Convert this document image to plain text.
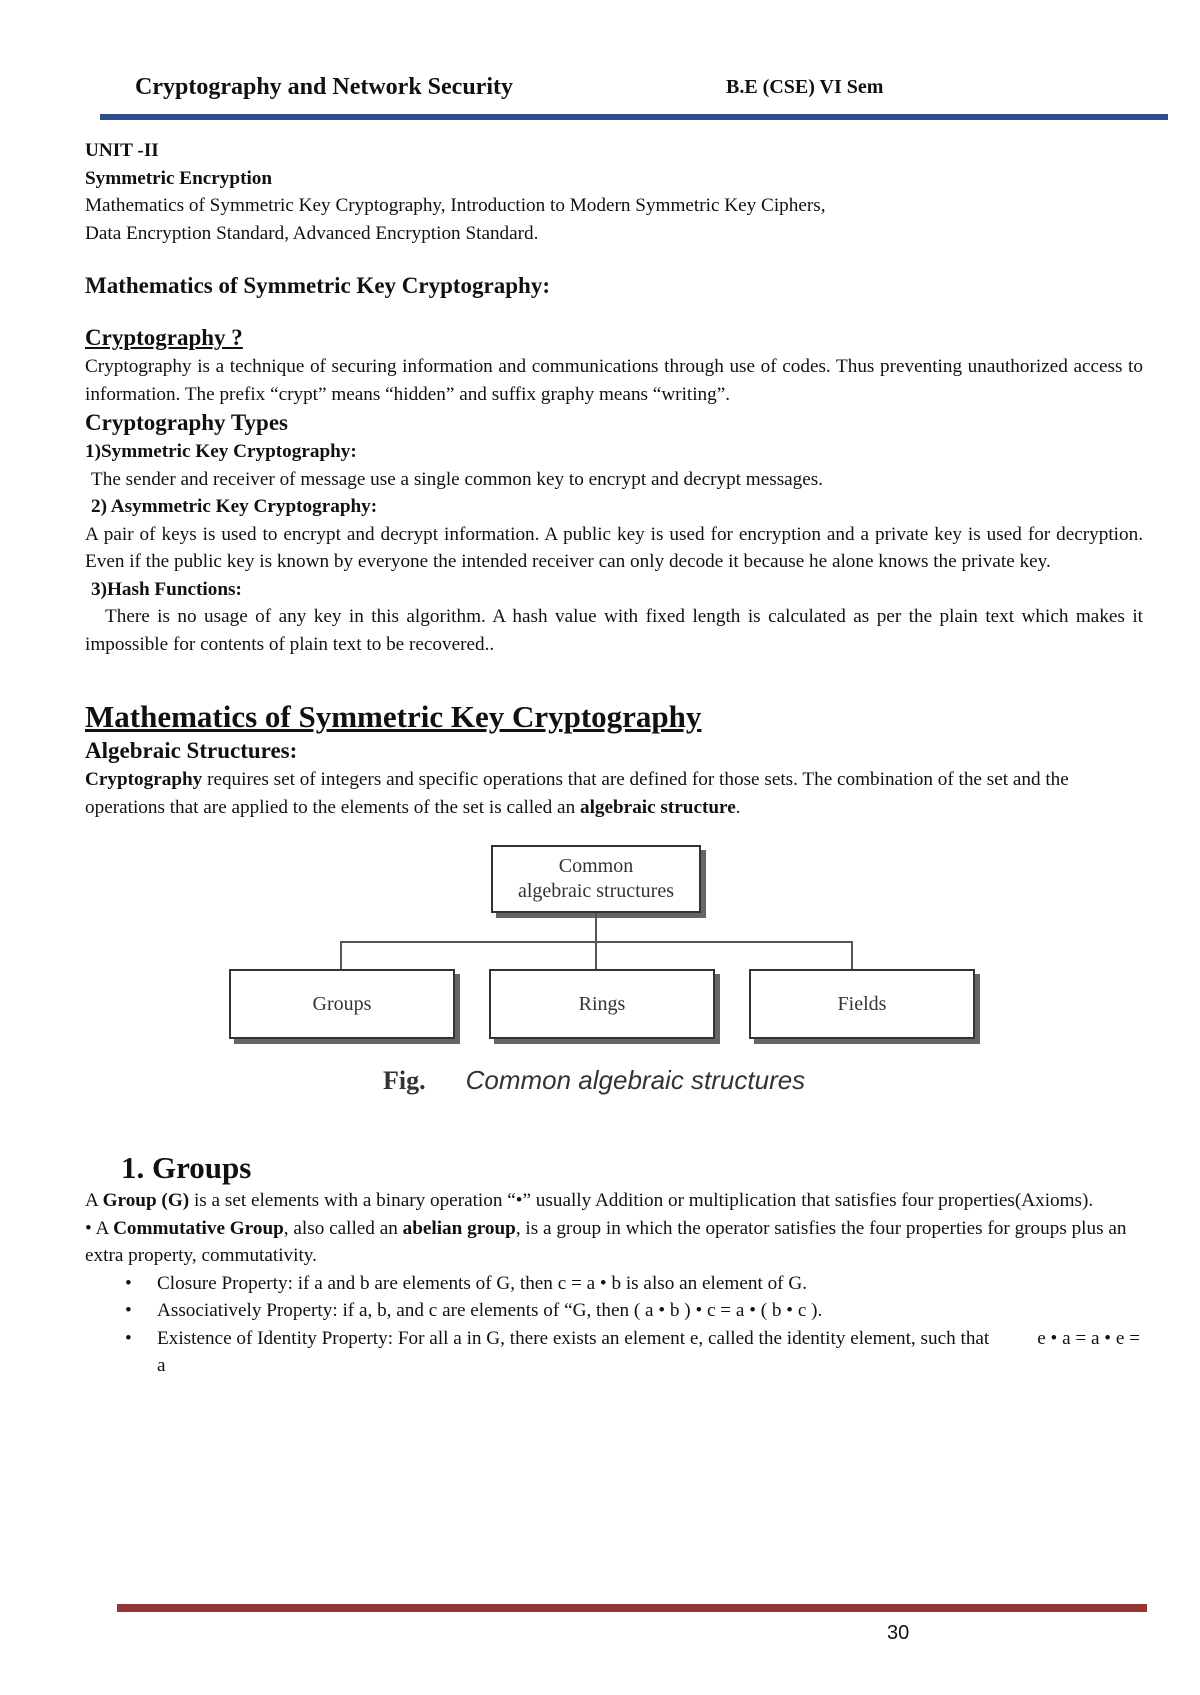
Cryptography and Network Security	B.E (CSE) VI Sem

UNIT -II

Symmetric Encryption

Mathematics of Symmetric Key Cryptography, Introduction to Modern Symmetric Key Ciphers,

Data Encryption Standard, Advanced Encryption Standard.

Mathematics of Symmetric Key Cryptography:

Cryptography ?

Cryptography is a technique of securing information and communications through use of codes. Thus preventing unauthorized access to information. The prefix “crypt” means “hidden” and suffix graphy means “writing”.

Cryptography Types

1)Symmetric Key Cryptography:

The sender and receiver of message use a single common key to encrypt and decrypt messages.

2) Asymmetric Key Cryptography:

A pair of keys is used to encrypt and decrypt information. A public key is used for encryption and a private key is used for decryption. Even if the public key is known by everyone the intended receiver can only decode it because he alone knows the private key.

3)Hash Functions:

There is no usage of any key in this algorithm. A hash value with fixed length is calculated as per the plain text which makes it impossible for contents of plain text to be recovered..

Mathematics of Symmetric Key Cryptography

Algebraic Structures:

Cryptography requires set of integers and specific operations that are defined for those sets. The combination of the set and the operations that are applied to the elements of the set is called an algebraic structure.

Common
algebraic structures
Groups	Rings	Fields
Fig. Common algebraic structures

1. Groups

A Group (G) is a set elements with a binary operation “•” usually Addition or multiplication that satisfies four properties(Axioms).

• A Commutative Group, also called an abelian group, is a group in which the operator satisfies the four properties for groups plus an extra property, commutativity.

• Closure Property: if a and b are elements of G, then c = a • b is also an element of G.
• Associatively Property: if a, b, and c are elements of “G, then ( a • b ) • c = a • ( b • c ).
• Existence of Identity Property: For all a in G, there exists an element e, called the identity element, such that          e • a = a • e = a
30
